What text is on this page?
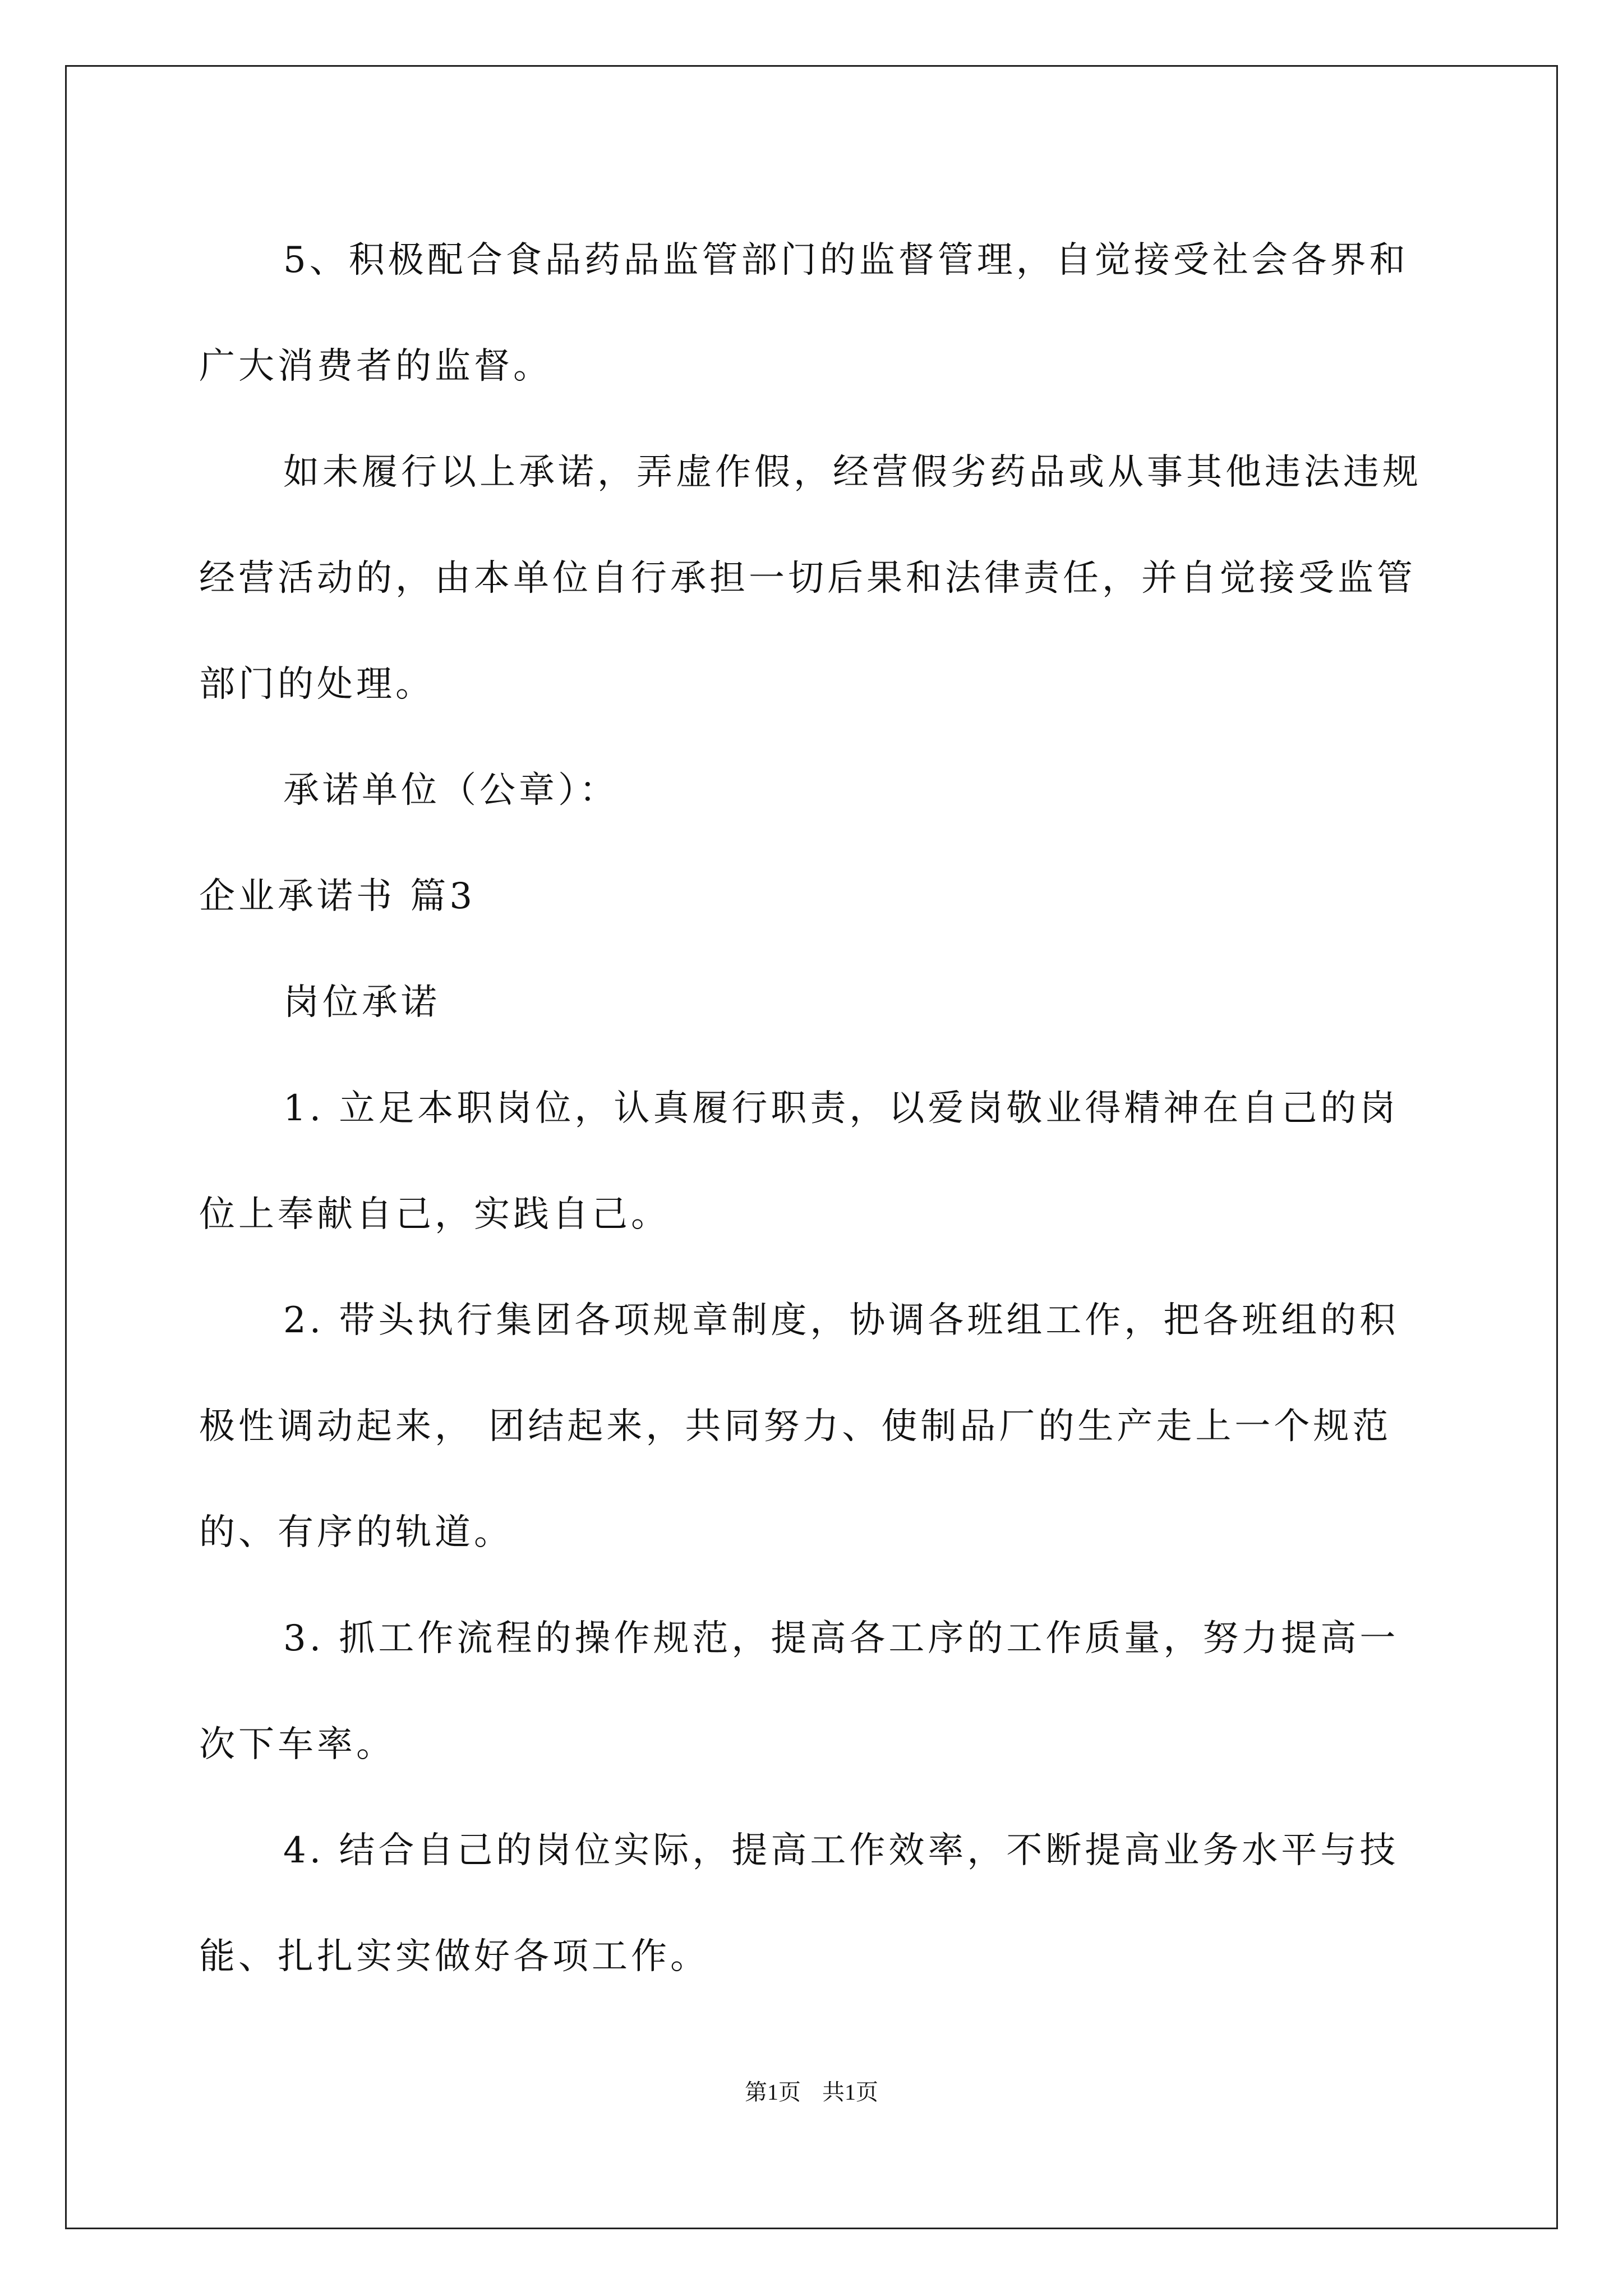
5、积极配合食品药品监管部门的监督管理，自觉接受社会各界和广大消费者的监督。

如未履行以上承诺，弄虚作假，经营假劣药品或从事其他违法违规经营活动的，由本单位自行承担一切后果和法律责任，并自觉接受监管部门的处理。

承诺单位（公章）：

企业承诺书 篇3

岗位承诺

1. 立足本职岗位，认真履行职责，以爱岗敬业得精神在自己的岗位上奉献自己，实践自己。

2. 带头执行集团各项规章制度，协调各班组工作，把各班组的积极性调动起来， 团结起来，共同努力、使制品厂的生产走上一个规范的、有序的轨道。

3. 抓工作流程的操作规范，提高各工序的工作质量，努力提高一次下车率。

4. 结合自己的岗位实际，提高工作效率，不断提高业务水平与技能、扎扎实实做好各项工作。

第1页 共1页
